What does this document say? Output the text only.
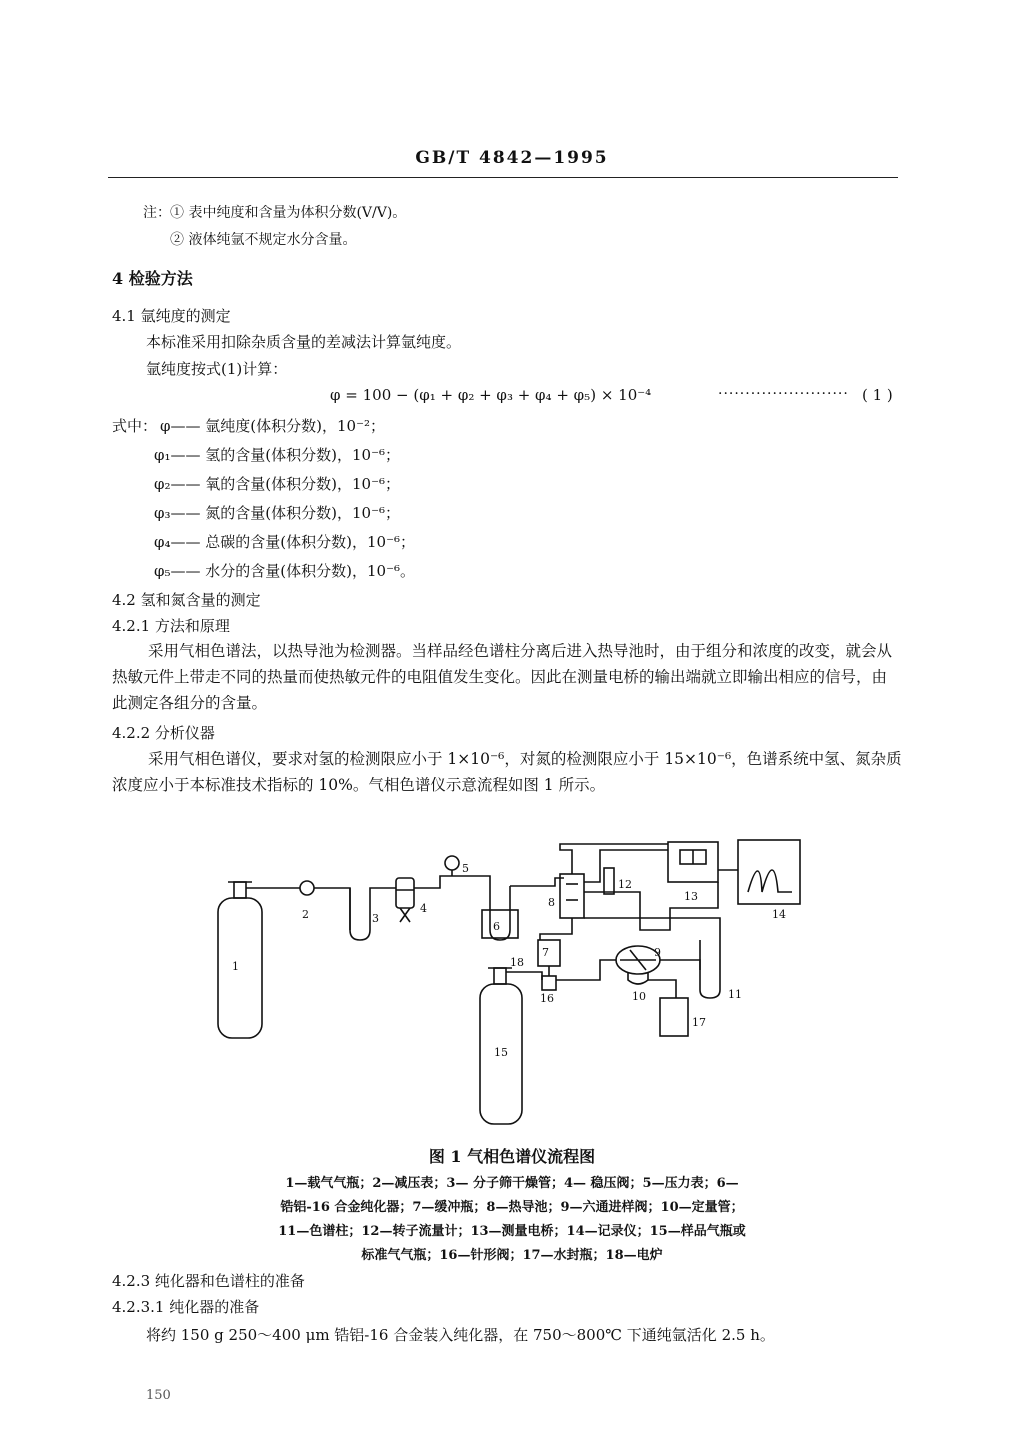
GB/T 4842—1995
注： ① 表中纯度和含量为体积分数(V/V)。
② 液体纯氩不规定水分含量。
4 检验方法
4.1 氩纯度的测定
本标准采用扣除杂质含量的差减法计算氩纯度。
氩纯度按式(1)计算：
φ = 100 − (φ₁ + φ₂ + φ₃ + φ₄ + φ₅) × 10⁻⁴	························ ( 1 )
式中： φ—— 氩纯度(体积分数)，10⁻²；
φ₁—— 氢的含量(体积分数)，10⁻⁶；
φ₂—— 氧的含量(体积分数)，10⁻⁶；
φ₃—— 氮的含量(体积分数)，10⁻⁶；
φ₄—— 总碳的含量(体积分数)，10⁻⁶；
φ₅—— 水分的含量(体积分数)，10⁻⁶。
4.2 氢和氮含量的测定
4.2.1 方法和原理
采用气相色谱法，以热导池为检测器。当样品经色谱柱分离后进入热导池时，由于组分和浓度的改变，就会从热敏元件上带走不同的热量而使热敏元件的电阻值发生变化。因此在测量电桥的输出端就立即输出相应的信号，由此测定各组分的含量。
4.2.2 分析仪器
采用气相色谱仪，要求对氢的检测限应小于 1×10⁻⁶，对氮的检测限应小于 15×10⁻⁶，色谱系统中氢、氮杂质浓度应小于本标准技术指标的 10%。气相色谱仪示意流程如图 1 所示。
1
2	3
4
5
6
7
8
9
10	11
12
13
14
15
16
17
18
图 1 气相色谱仪流程图
1—载气气瓶；2—减压表；3— 分子筛干燥管；4— 稳压阀；5—压力表；6—
锆铝-16 合金纯化器；7—缓冲瓶；8—热导池；9—六通进样阀；10—定量管；
11—色谱柱；12—转子流量计；13—测量电桥；14—记录仪；15—样品气瓶或
标准气气瓶；16—针形阀；17—水封瓶；18—电炉
4.2.3 纯化器和色谱柱的准备
4.2.3.1 纯化器的准备
将约 150 g 250～400 μm 锆铝-16 合金装入纯化器，在 750～800℃ 下通纯氩活化 2.5 h。
150
